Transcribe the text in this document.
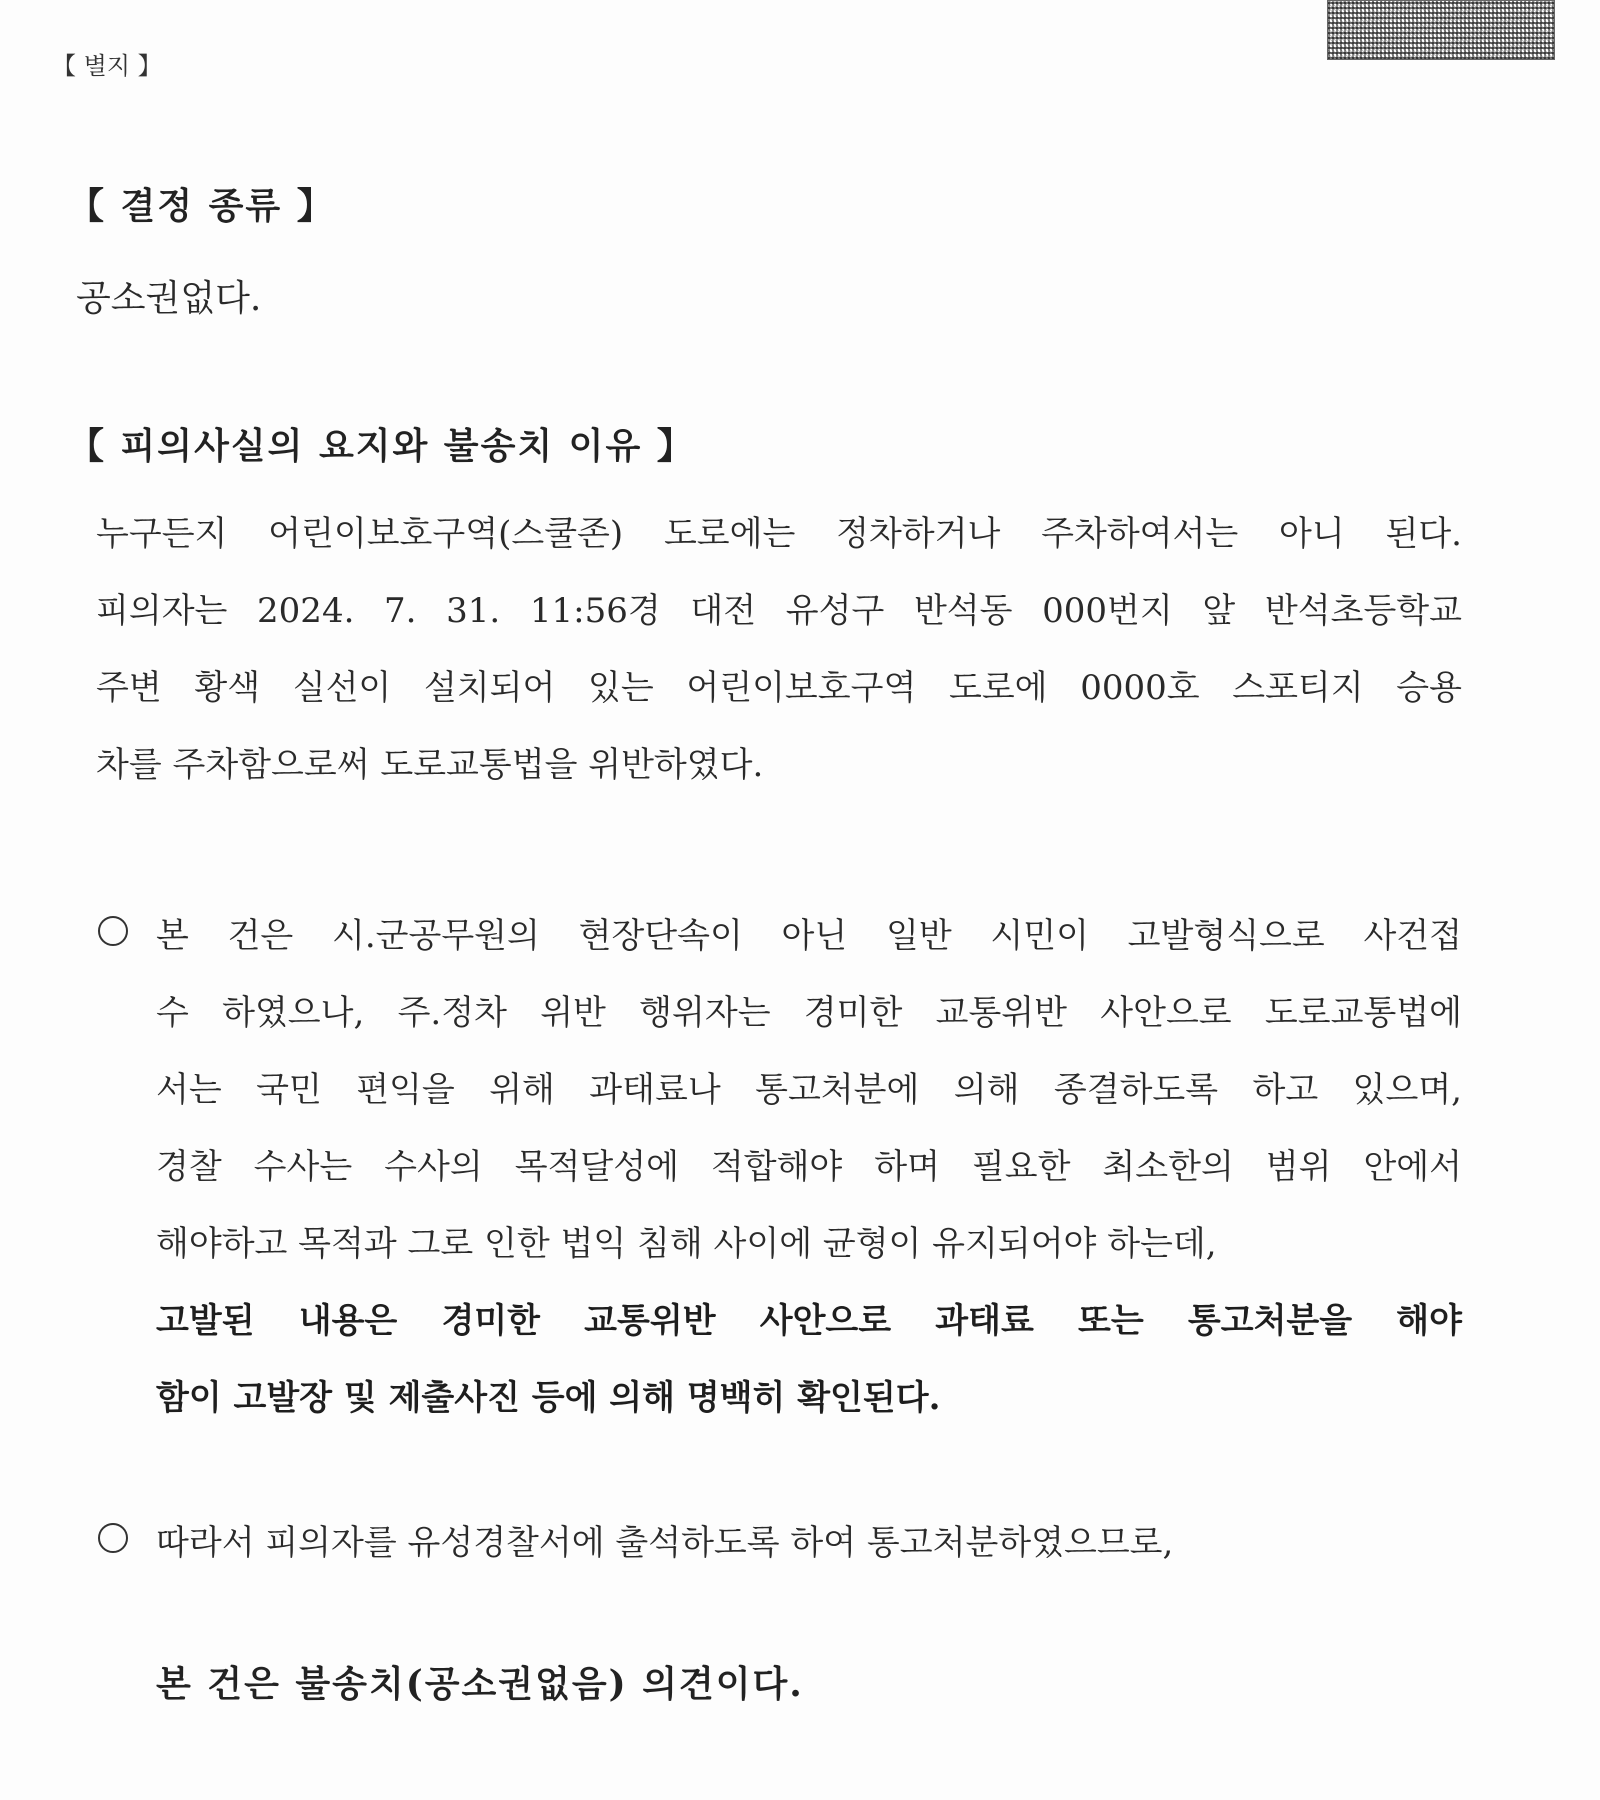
【 별지 】
【 결정 종류 】
공소권없다.
【 피의사실의 요지와 불송치 이유 】
누구든지 어린이보호구역(스쿨존) 도로에는 정차하거나 주차하여서는 아니 된다.
피의자는 2024. 7. 31. 11:56경 대전 유성구 반석동 000번지 앞 반석초등학교
주변 황색 실선이 설치되어 있는 어린이보호구역 도로에 0000호 스포티지 승용
차를 주차함으로써 도로교통법을 위반하였다.
본 건은 시.군공무원의 현장단속이 아닌 일반 시민이 고발형식으로 사건접
수 하였으나, 주.정차 위반 행위자는 경미한 교통위반 사안으로 도로교통법에
서는 국민 편익을 위해 과태료나 통고처분에 의해 종결하도록 하고 있으며,
경찰 수사는 수사의 목적달성에 적합해야 하며 필요한 최소한의 범위 안에서
해야하고 목적과 그로 인한 법익 침해 사이에 균형이 유지되어야 하는데,
고발된 내용은 경미한 교통위반 사안으로 과태료 또는 통고처분을 해야
함이 고발장 및 제출사진 등에 의해 명백히 확인된다.
따라서 피의자를 유성경찰서에 출석하도록 하여 통고처분하였으므로,
본 건은 불송치(공소권없음) 의견이다.
